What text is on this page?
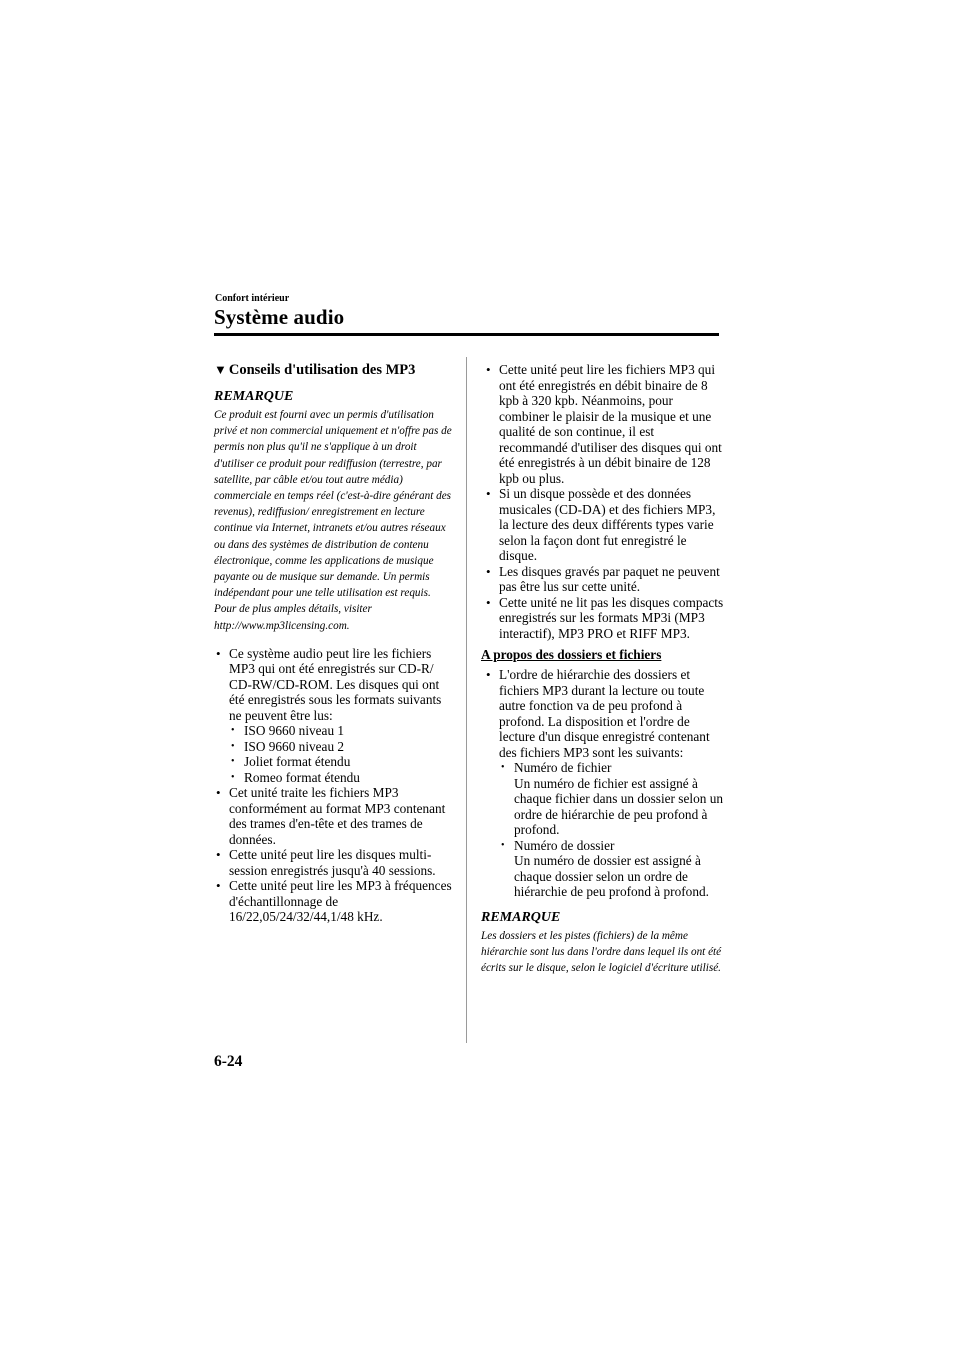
Confort intérieur
Système audio
▼ Conseils d'utilisation des MP3
REMARQUE

Ce produit est fourni avec un permis d'utilisation privé et non commercial uniquement et n'offre pas de permis non plus qu'il ne s'applique à un droit d'utiliser ce produit pour rediffusion (terrestre, par satellite, par câble et/ou tout autre média) commerciale en temps réel (c'est-à-dire générant des revenus), rediffusion/ enregistrement en lecture continue via Internet, intranets et/ou autres réseaux ou dans des systèmes de distribution de contenu électronique, comme les applications de musique payante ou de musique sur demande. Un permis indépendant pour une telle utilisation est requis. Pour de plus amples détails, visiter http://www.mp3licensing.com.

• Ce système audio peut lire les fichiers MP3 qui ont été enregistrés sur CD-R/ CD-RW/CD-ROM. Les disques qui ont été enregistrés sous les formats suivants ne peuvent être lus:
• ISO 9660 niveau 1
• ISO 9660 niveau 2
• Joliet format étendu
• Romeo format étendu
• Cet unité traite les fichiers MP3 conformément au format MP3 contenant des trames d'en-tête et des trames de données.
• Cette unité peut lire les disques multi- session enregistrés jusqu'à 40 sessions.
• Cette unité peut lire les MP3 à fréquences d'échantillonnage de 16/22,05/24/32/44,1/48 kHz.
• Cette unité peut lire les fichiers MP3 qui ont été enregistrés en débit binaire de 8 kpb à 320 kpb. Néanmoins, pour combiner le plaisir de la musique et une qualité de son continue, il est recommandé d'utiliser des disques qui ont été enregistrés à un débit binaire de 128 kpb ou plus.
• Si un disque possède et des données musicales (CD-DA) et des fichiers MP3, la lecture des deux différents types varie selon la façon dont fut enregistré le disque.
• Les disques gravés par paquet ne peuvent pas être lus sur cette unité.
• Cette unité ne lit pas les disques compacts enregistrés sur les formats MP3i (MP3 interactif), MP3 PRO et RIFF MP3.
A propos des dossiers et fichiers
• L'ordre de hiérarchie des dossiers et fichiers MP3 durant la lecture ou toute autre fonction va de peu profond à profond. La disposition et l'ordre de lecture d'un disque enregistré contenant des fichiers MP3 sont les suivants:
• Numéro de fichier
Un numéro de fichier est assigné à chaque fichier dans un dossier selon un ordre de hiérarchie de peu profond à profond.
• Numéro de dossier
Un numéro de dossier est assigné à chaque dossier selon un ordre de hiérarchie de peu profond à profond.
REMARQUE

Les dossiers et les pistes (fichiers) de la même hiérarchie sont lus dans l'ordre dans lequel ils ont été écrits sur le disque, selon le logiciel d'écriture utilisé.

6-24
